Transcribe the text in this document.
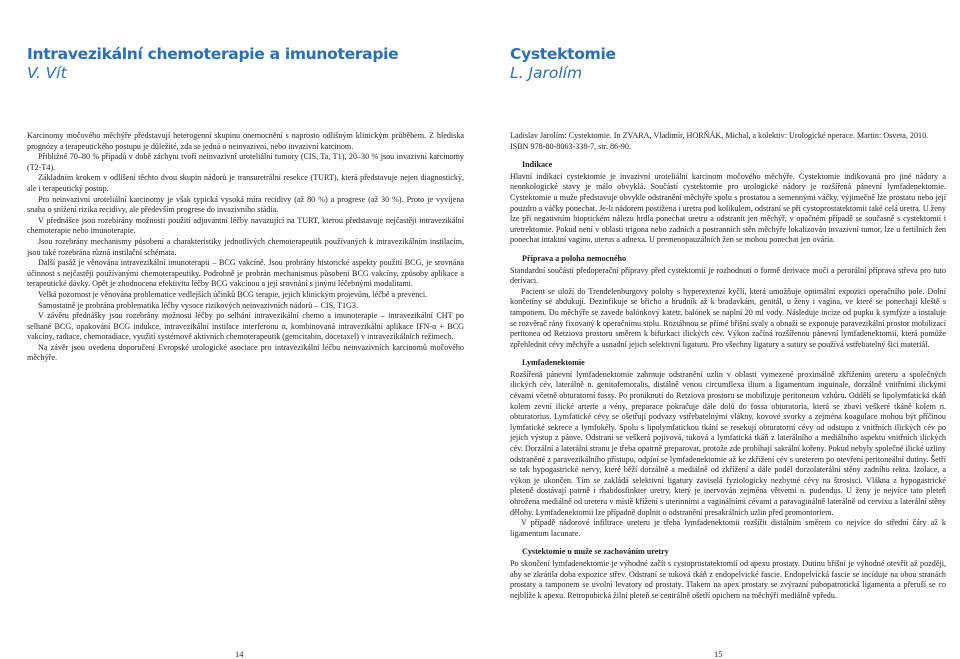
Intravezikální chemoterapie a imunoterapie
V. Vít

Karcinomy močového měchýře představují heterogenní skupinu onemocnění s naprosto odlišným klinickým průběhem. Z hlediska prognózy a terapeutického postupu je důležité, zda se jedná o neinvazivní, nebo invazivní karcinom.

Přibližně 70–80 % případů v době záchytu tvoří neinvazivní uroteliální tumory (CIS, Ta, T1), 20–30 % jsou invazivní karcinomy (T2-T4).

Základním krokem v odlišení těchto dvou skupin nádorů je transuretrální resekce (TURT), která představuje nejen diagnostický, ale i terapeutický postup.

Pro neinvazivní uroteliální karcinomy je však typická vysoká míra recidivy (až 80 %) a progrese (až 30 %). Proto je vyvíjena snaha o snížení rizika recidivy, ale především progrese do invazivního stádia.

V přednášce jsou rozebírány možnosti použití adjuvantní léčby navazující na TURT, kterou představuje nejčastěji intravezikální chemoterapie nebo imunoterapie.

Jsou rozebrány mechanismy působení a charakteristiky jednotlivých chemoterapeutik používaných k intravezikálním instilacím, jsou také rozebrána různá instilační schémata.

Další pasáž je věnována intravezikální imunoterapii – BCG vakcíně. Jsou probrány historické aspekty použití BCG, je srovnána účinnost s nejčastěji používanými chemoterapeutiky. Podrobně je probrán mechanismus působení BCG vakcíny, způsoby aplikace a terapeutické dávky. Opět je zhodnocena efektivita léčby BCG vakcínou a její srovnání s jinými léčebnými modalitami.

Velká pozornost je věnována problematice vedlejších účinků BCG terapie, jejich klinickým projevům, léčbě a prevenci.

Samostatně je probrána problematika léčby vysoce rizikových neinvazivních nádorů – CIS, T1G3.

V závěru přednášky jsou rozebrány možnosti léčby po selhání intravezikální chemo a imunoterapie – intravezikální CHT po selhané BCG, opakování BCG indukce, intravezikální instilace interferonu α, kombinovaná intravezikální aplikace IFN-α + BCG vakcíny, radiace, chemoradiace, využití systémově aktivních chemoterapeutik (gemcitabin, docetaxel) v intravezikálních režimech.

Na závěr jsou uvedena doporučení Evropské urologické asociace pro intravezikální léčbu neinvazivních karcinomů močového měchýře.

14
Cystektomie
L. Jarolím

Ladislav Jarolím: Cystektomie. In ZVARA, Vladimír, HORŇÁK, Michal, a kolektiv: Urologické operace. Martin: Osveta, 2010. ISBN 978-80-8063-338-7, str. 86-90.

Indikace

Hlavní indikací cystektomie je invazivní uroteliální karcinom močového měchýře. Cystektomie indikovaná pro jiné nádory a neonkologické stavy je málo obvyklá. Součástí cystektomie pro urologické nádory je rozšířená pánevní lymfadenektomie. Cystektomie u muže představuje obvykle odstranění měchýře spolu s prostatou a semennými váčky, výjimečně lze prostatu nebo její pouzdro a váčky ponechat. Je-li nádorem postižena i uretra pod kolikulem, odstraní se při cystoprostatektomii také celá uretra. U ženy lze při negativním bioptickém nálezu hrdla ponechat uretru a odstranit jen měchýř, v opačném případě se současně s cystektomií i uretrektomie. Pokud není v oblasti trigona nebo zadních a postranních stěn měchýře lokalizován invazivní tumor, lze u fertilních žen ponechat intaktní vaginu, uterus a adnexa. U premenopauzálních žen se mohou ponechat jen ovária.

Příprava a poloha nemocného

Standardní součástí předoperační přípravy před cystektomií je rozhodnutí o formě derivace moči a perorální příprava střeva pro tuto derivaci.

Pacient se uloží do Trendelenburgovy polohy s hyperextenzí kyčlí, která umožňuje optimální expozici operačního pole. Dolní končetiny se abdukují. Dezinfikuje se břicho a hrudník až k bradavkám, genitál, u ženy i vagina, ve které se ponechají kleště s tamponem. Do měchýře se zavede balónkový katetr, balónek se naplní 20 ml vody. Následuje incize od pupku k symfýze a instaluje se rozvěrač rány fixovaný k operačnímu stolu. Roztáhnou se přímé břišní svaly a obnaží se exponuje paravezikální prostor mobilizací peritonea od Retziova prostoru směrem k bifurkaci ilických cév. Výkon začíná rozšířenou pánevní lymfadenektomií, která pomůže zpřehlednit cévy měchýře a usnadní jejich selektivní ligaturu. Pro všechny ligatury a sutury se používá vstřebatelný šicí materiál.

Lymfadenektomie

Rozšířená pánevní lymfadenektomie zahrnuje odstranění uzlin v oblasti vymezené proximálně zkřížením ureteru a společných ilických cév, laterálně n. genitofemoralis, distálně venou circumflexa ilium a ligamentum inguinale, dorzálně vnitřními ilickými cévami včetně obturatorní fossy. Po proniknutí do Retziova prostoru se mobilizuje peritoneum vzhůru. Oddělí se lipolymfatická tkáň kolem zevní ilické arterie a vény, preparace pokračuje dále dolů do fossa obturatoria, která se zbaví veškeré tkáně kolem n. obturatorius. Lymfatické cévy se ošetřují podvazy vstřebatelnými vlákny, kovové svorky a zejména koagulace mohou být příčinou lymfatické sekrece a lymfokély. Spolu s lipolymfatickou tkání se resekují obturatorní cévy od odstupu z vnitřních ilických cév po jejich výstup z pánve. Odstraní se veškerá pojivová, tuková a lymfatická tkáň z laterálního a mediálního aspektu vnitřních ilických cév. Dorzální a laterální stranu je třeba opatrně preparovat, protože zde probíhají sakrální kořeny. Pokud nebyly společné ilické uzliny odstraněné z paravezikálního přístupu, odpíní se lymfadenektomie až ke zkřížení cév s ureterem po otevření peritoneální dutiny. Šetří se tak hypogastrické nervy, které běží dorzálně a mediálně od zkřížení a dále podél dorzolaterální stěny zadního rekta. Izolace, a výkon je ukončen. Tím se zakládá selektivní ligatury zaviselá fyziologicky nezbytné cévy na štrosisci. Vlákna z hypogastrické pleteně dostávají patrně i rhabdosfinkter uretry, který je inervován zejména větvemi n. pudendus. U ženy je nejvíce tato pleteň ohrožena mediálně od ureteru v místě křížení s uterinními a vaginálními cévami a paravaginálně laterálně od cervixu a laterální stěny dělohy. Lymfadenektomii lze případně doplnit o odstranění presakrálních uzlin před promontoriem.

V případě nádorové infiltrace ureteru je třeba lymfadenektomii rozšířit distálním směrem co nejvíce do střední čáry až k ligamentum lacunare.

Cystektomie u muže se zachováním uretry

Po skončení lymfadenektomie je výhodné začít s cystoprostatektomií od apexu prostaty. Dutinu břišní je výhodné otevřít až později, aby se zkrátila doba expozice střev. Odstraní se tuková tkáň z endopelvické fascie. Endopelvická fascie se incíduje na obou stranách prostaty a tamponem se uvolní levatory od prostaty. Tlakem na apex prostaty se zvýrazní pubopatrotická ligamenta a přeruší se co nejblíže k apexu. Retropubická žilní pleteň se centrálně ošetří opichem na měchýři mediálně vpředu.

15
